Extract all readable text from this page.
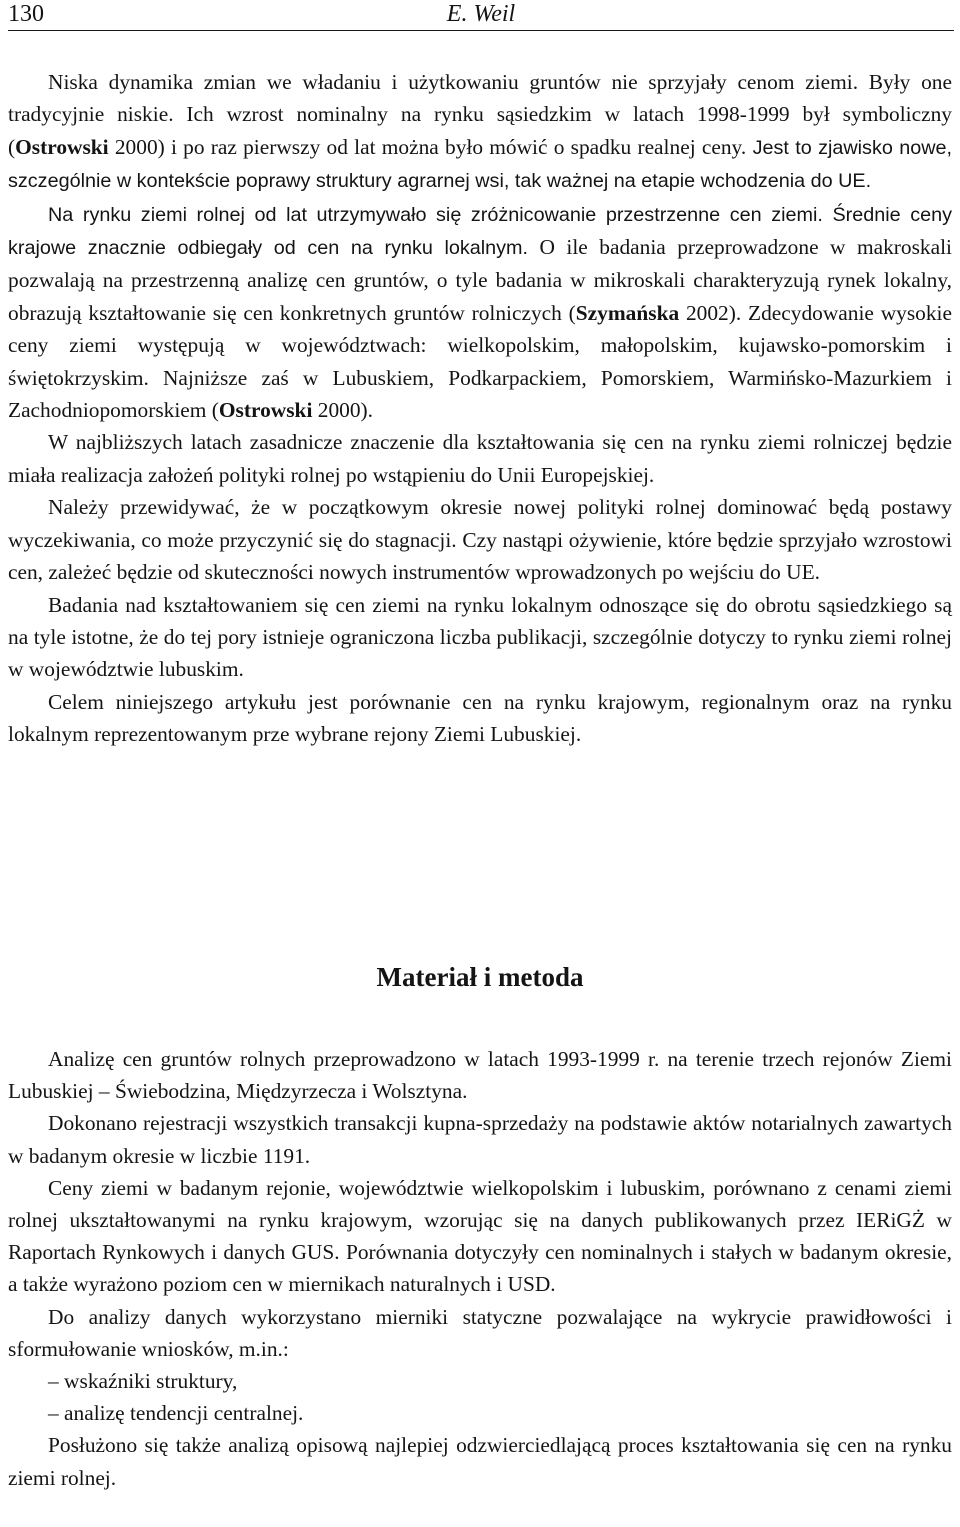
130	E. Weil

Niska dynamika zmian we władaniu i użytkowaniu gruntów nie sprzyjały cenom ziemi. Były one tradycyjnie niskie. Ich wzrost nominalny na rynku sąsiedzkim w latach 1998-1999 był symboliczny (Ostrowski 2000) i po raz pierwszy od lat można było mówić o spadku realnej ceny. Jest to zjawisko nowe, szczególnie w kontekście poprawy struktury agrarnej wsi, tak ważnej na etapie wchodzenia do UE.

Na rynku ziemi rolnej od lat utrzymywało się zróżnicowanie przestrzenne cen ziemi. Średnie ceny krajowe znacznie odbiegały od cen na rynku lokalnym. O ile badania przeprowadzone w makroskali pozwalają na przestrzenną analizę cen gruntów, o tyle badania w mikroskali charakteryzują rynek lokalny, obrazują kształtowanie się cen konkretnych gruntów rolniczych (Szymańska 2002). Zdecydowanie wysokie ceny ziemi występują w województwach: wielkopolskim, małopolskim, kujawsko-pomorskim i świętokrzyskim. Najniższe zaś w Lubuskiem, Podkarpackiem, Pomorskiem, Warmińsko-Mazurkiem i Zachodniopomorskiem (Ostrowski 2000).

W najbliższych latach zasadnicze znaczenie dla kształtowania się cen na rynku ziemi rolniczej będzie miała realizacja założeń polityki rolnej po wstąpieniu do Unii Europejskiej.

Należy przewidywać, że w początkowym okresie nowej polityki rolnej dominować będą postawy wyczekiwania, co może przyczynić się do stagnacji. Czy nastąpi ożywienie, które będzie sprzyjało wzrostowi cen, zależeć będzie od skuteczności nowych instrumentów wprowadzonych po wejściu do UE.

Badania nad kształtowaniem się cen ziemi na rynku lokalnym odnoszące się do obrotu sąsiedzkiego są na tyle istotne, że do tej pory istnieje ograniczona liczba publikacji, szczególnie dotyczy to rynku ziemi rolnej w województwie lubuskim.

Celem niniejszego artykułu jest porównanie cen na rynku krajowym, regionalnym oraz na rynku lokalnym reprezentowanym prze wybrane rejony Ziemi Lubuskiej.

Materiał i metoda

Analizę cen gruntów rolnych przeprowadzono w latach 1993-1999 r. na terenie trzech rejonów Ziemi Lubuskiej – Świebodzina, Międzyrzecza i Wolsztyna.

Dokonano rejestracji wszystkich transakcji kupna-sprzedaży na podstawie aktów notarialnych zawartych w badanym okresie w liczbie 1191.

Ceny ziemi w badanym rejonie, województwie wielkopolskim i lubuskim, porównano z cenami ziemi rolnej ukształtowanymi na rynku krajowym, wzorując się na danych publikowanych przez IERiGŻ w Raportach Rynkowych i danych GUS. Porównania dotyczyły cen nominalnych i stałych w badanym okresie, a także wyrażono poziom cen w miernikach naturalnych i USD.

Do analizy danych wykorzystano mierniki statyczne pozwalające na wykrycie prawidłowości i sformułowanie wniosków, m.in.:

– wskaźniki struktury,

– analizę tendencji centralnej.

Posłużono się także analizą opisową najlepiej odzwierciedlającą proces kształtowania się cen na rynku ziemi rolnej.
